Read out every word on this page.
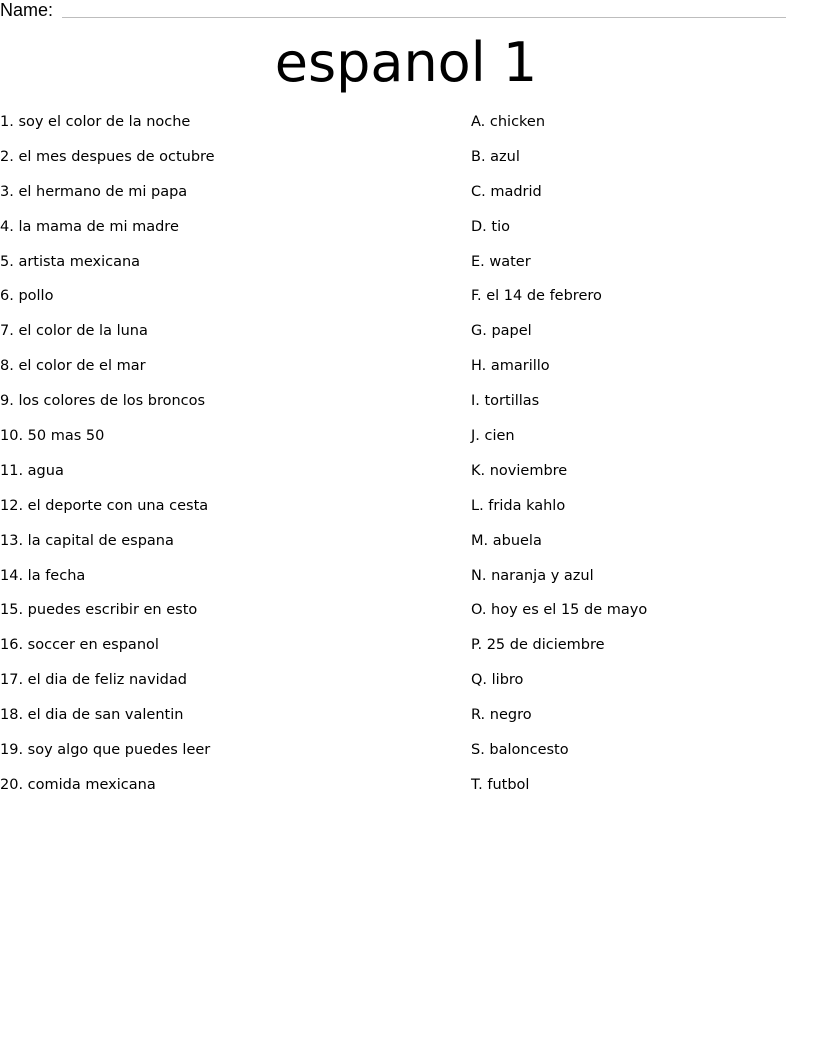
Name:
espanol 1
1. soy el color de la noche
2. el mes despues de octubre
3. el hermano de mi papa
4. la mama de mi madre
5. artista mexicana
6. pollo
7. el color de la luna
8. el color de el mar
9. los colores de los broncos
10. 50 mas 50
11. agua
12. el deporte con una cesta
13. la capital de espana
14. la fecha
15. puedes escribir en esto
16. soccer en espanol
17. el dia de feliz navidad
18. el dia de san valentin
19. soy algo que puedes leer
20. comida mexicana
A. chicken
B. azul
C. madrid
D. tio
E. water
F. el 14 de febrero
G. papel
H. amarillo
I. tortillas
J. cien
K. noviembre
L. frida kahlo
M. abuela
N. naranja y azul
O. hoy es el 15 de mayo
P. 25 de diciembre
Q. libro
R. negro
S. baloncesto
T. futbol
